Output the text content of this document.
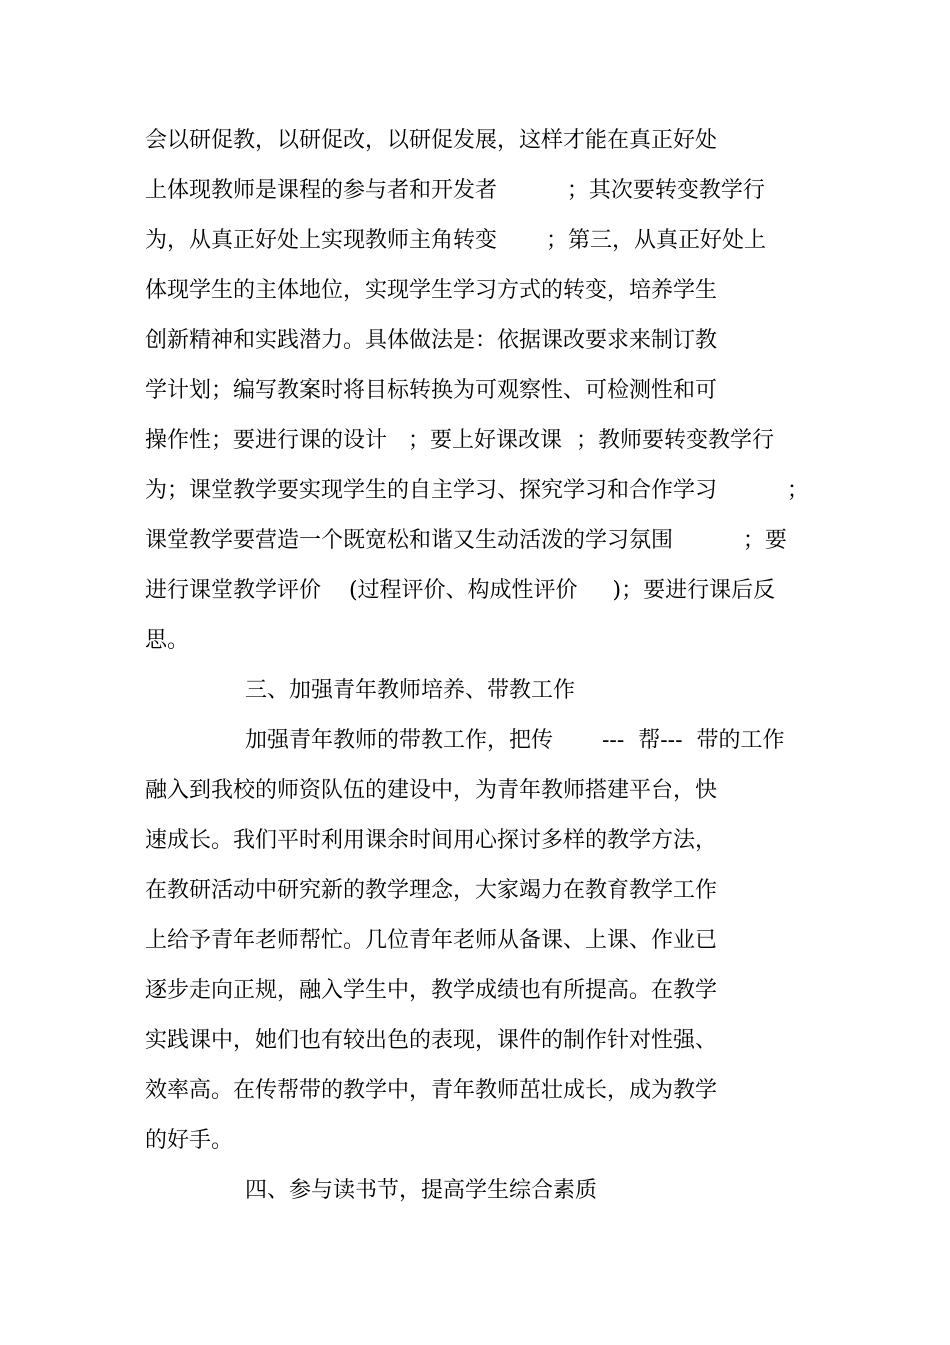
会以研促教，以研促改，以研促发展，这样才能在真正好处
上体现教师是课程的参与者和开发者          ；其次要转变教学行
为，从真正好处上实现教师主角转变       ；第三，从真正好处上
体现学生的主体地位，实现学生学习方式的转变，培养学生
创新精神和实践潜力。具体做法是：依据课改要求来制订教
学计划；编写教案时将目标转换为可观察性、可检测性和可
操作性；要进行课的设计   ；要上好课改课  ；教师要转变教学行
为；课堂教学要实现学生的自主学习、探究学习和合作学习          ；
课堂教学要营造一个既宽松和谐又生动活泼的学习氛围          ；要
进行课堂教学评价    (过程评价、构成性评价     )；要进行课后反
思。
三、加强青年教师培养、带教工作
加强青年教师的带教工作，把传       ---  帮---  带的工作
融入到我校的师资队伍的建设中，为青年教师搭建平台，快
速成长。我们平时利用课余时间用心探讨多样的教学方法，
在教研活动中研究新的教学理念，大家竭力在教育教学工作
上给予青年老师帮忙。几位青年老师从备课、上课、作业已
逐步走向正规，融入学生中，教学成绩也有所提高。在教学
实践课中，她们也有较出色的表现，课件的制作针对性强、
效率高。在传帮带的教学中，青年教师茁壮成长，成为教学
的好手。
四、参与读书节，提高学生综合素质
